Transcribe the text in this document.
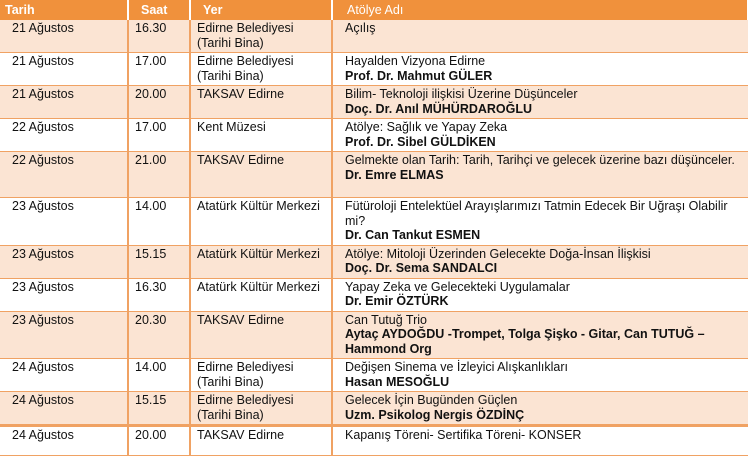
Tarih	Saat	Yer	Atölye Adı
21 Ağustos	16.30	Edirne Belediyesi (Tarihi Bina)	Açılış

21 Ağustos	17.00	Edirne Belediyesi (Tarihi Bina)	Hayalden Vizyona Edirne
Prof. Dr. Mahmut GÜLER

21 Ağustos	20.00	TAKSAV Edirne	Bilim- Teknoloji ilişkisi Üzerine Düşünceler
Doç. Dr. Anıl MÜHÜRDAROĞLU

22 Ağustos	17.00	Kent Müzesi	Atölye: Sağlık ve Yapay Zeka
Prof. Dr. Sibel GÜLDİKEN

22 Ağustos	21.00	TAKSAV Edirne	Gelmekte olan Tarih: Tarih, Tarihçi ve gelecek üzerine bazı düşünceler.
Dr. Emre ELMAS

23 Ağustos	14.00	Atatürk Kültür Merkezi	Fütüroloji Entelektüel Arayışlarımızı Tatmin Edecek Bir Uğraşı Olabilir mi?
Dr. Can Tankut ESMEN

23 Ağustos	15.15	Atatürk Kültür Merkezi	Atölye: Mitoloji Üzerinden Gelecekte Doğa-İnsan İlişkisi
Doç. Dr. Sema SANDALCI

23 Ağustos	16.30	Atatürk Kültür Merkezi	Yapay Zeka ve Gelecekteki Uygulamalar
Dr. Emir ÖZTÜRK

23 Ağustos	20.30	TAKSAV Edirne	Can Tutuğ Trio
Aytaç AYDOĞDU -Trompet, Tolga Şişko - Gitar, Can TUTUĞ – Hammond Org

24 Ağustos	14.00	Edirne Belediyesi (Tarihi Bina)	Değişen Sinema ve İzleyici Alışkanlıkları
Hasan MESOĞLU

24 Ağustos	15.15	Edirne Belediyesi (Tarihi Bina)	Gelecek İçin Bugünden Güçlen
Uzm. Psikolog Nergis ÖZDİNÇ

24 Ağustos	20.00	TAKSAV Edirne	Kapanış Töreni- Sertifika Töreni- KONSER
